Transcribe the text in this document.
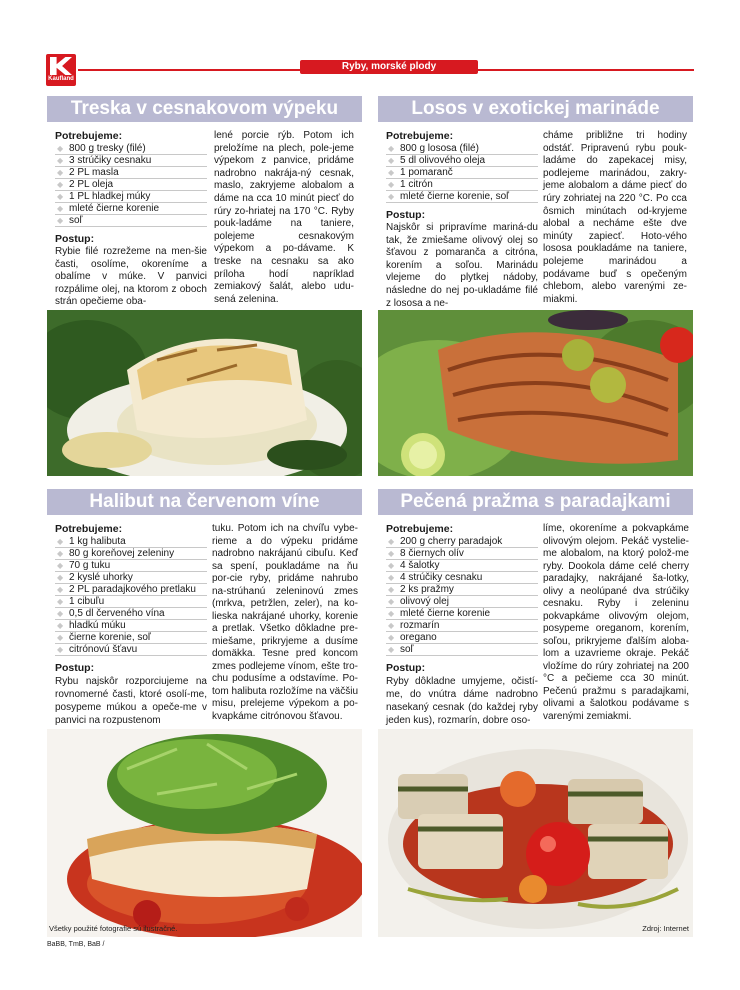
Kaufland
Ryby, morské plody
Treska v cesnakovom výpeku
Potrebujeme:
◆ 800 g tresky (filé)
◆ 3 strúčiky cesnaku
◆ 2 PL masla
◆ 2 PL oleja
◆ 1 PL hladkej múky
◆ mleté čierne korenie
◆ soľ
Postup:
Rybie filé rozrežeme na men-šie časti, osolíme, okoreníme a obalíme v múke. V panvici rozpálime olej, na ktorom z oboch strán opečieme oba-
lené porcie rýb. Potom ich preložíme na plech, pole-jeme výpekom z panvice, pridáme nadrobno nakrája-ný cesnak, maslo, zakryjeme alobalom a dáme na cca 10 minút piecť do rúry zo-hriatej na 170 °C. Ryby pouk-ladáme na taniere, polejeme cesnakovým výpekom a po-dávame. K treske na cesnaku sa ako príloha hodí napríklad zemiakový šalát, alebo udu-sená zelenina.
Losos v exotickej marináde
Potrebujeme:
◆ 800 g lososa (filé)
◆ 5 dl olivového oleja
◆ 1 pomaranč
◆ 1 citrón
◆ mleté čierne korenie, soľ
Postup:
Najskôr si pripravíme mariná-du tak, že zmiešame olivový olej so šťavou z pomaranča a citróna, korením a soľou. Marinádu vlejeme do plytkej nádoby, následne do nej po-ukladáme filé z lososa a ne-
cháme približne tri hodiny odstáť. Pripravenú rybu pouk-ladáme do zapekacej misy, podlejeme marinádou, zakry-jeme alobalom a dáme piecť do rúry zohriatej na 220 °C. Po cca ôsmich minútach od-kryjeme alobal a necháme ešte dve minúty zapiecť. Hoto-vého lososa poukladáme na taniere, polejeme marinádou a podávame buď s opečeným chlebom, alebo varenými ze-miakmi.
Halibut na červenom víne
Potrebujeme:
◆ 1 kg halibuta
◆ 80 g koreňovej zeleniny
◆ 70 g tuku
◆ 2 kyslé uhorky
◆ 2 PL paradajkového pretlaku
◆ 1 cibuľu
◆ 0,5 dl červeného vína
◆ hladkú múku
◆ čierne korenie, soľ
◆ citrónovú šťavu
Postup:
Rybu najskôr rozporciujeme na rovnomerné časti, ktoré osolí-me, posypeme múkou a opeče-me v panvici na rozpustenom
tuku. Potom ich na chvíľu vybe-rieme a do výpeku pridáme nadrobno nakrájanú cibuľu. Keď sa spení, poukladáme na ňu por-cie ryby, pridáme nahrubo na-strúhanú zeleninovú zmes (mrkva, petržlen, zeler), na ko-lieska nakrájané uhorky, korenie a pretlak. Všetko dôkladne pre-miešame, prikryjeme a dusíme domäkka. Tesne pred koncom zmes podlejeme vínom, ešte tro-chu podusíme a odstavíme. Po-tom halibuta rozložíme na väčšiu misu, prelejeme výpekom a po-kvapkáme citrónovou šťavou.
Všetky použité fotografie sú ilustračné.
Pečená pražma s paradajkami
Potrebujeme:
◆ 200 g cherry paradajok
◆ 8 čiernych olív
◆ 4 šalotky
◆ 4 strúčiky cesnaku
◆ 2 ks pražmy
◆ olivový olej
◆ mleté čierne korenie
◆ rozmarín
◆ oregano
◆ soľ
Postup:
Ryby dôkladne umyjeme, očistí-me, do vnútra dáme nadrobno nasekaný cesnak (do každej ryby jeden kus), rozmarín, dobre oso-
líme, okoreníme a pokvapkáme olivovým olejom. Pekáč vystelie-me alobalom, na ktorý polož-me ryby. Dookola dáme celé cherry paradajky, nakrájané ša-lotky, olivy a neolúpané dva strúčiky cesnaku. Ryby i zeleninu pokvapkáme olivovým olejom, posypeme oreganom, korením, soľou, prikryjeme ďalším aloba-lom a uzavrieme okraje. Pekáč vložíme do rúry zohriatej na 200 °C a pečieme cca 30 minút. Pečenú pražmu s paradajkami, olivami a šalotkou podávame s varenými zemiakmi.
Zdroj: Internet
BaBB, TmB, BaB /
